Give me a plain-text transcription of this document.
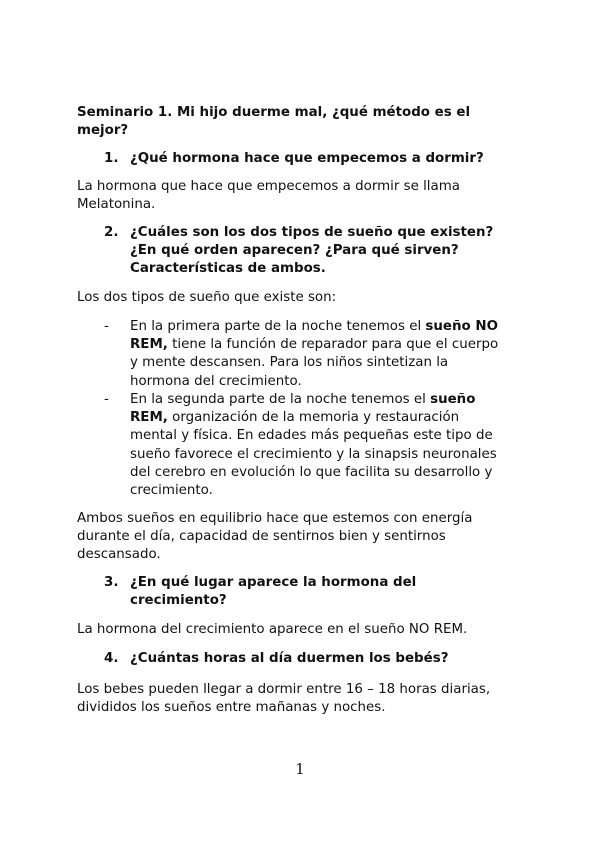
Seminario 1. Mi hijo duerme mal, ¿qué método es el
mejor?
1. ¿Qué hormona hace que empecemos a dormir?
La hormona que hace que empecemos a dormir se llama
Melatonina.
2. ¿Cuáles son los dos tipos de sueño que existen?
¿En qué orden aparecen? ¿Para qué sirven?
Características de ambos.
Los dos tipos de sueño que existe son:
- En la primera parte de la noche tenemos el sueño NO
REM, tiene la función de reparador para que el cuerpo
y mente descansen. Para los niños sintetizan la
hormona del crecimiento.
- En la segunda parte de la noche tenemos el sueño
REM, organización de la memoria y restauración
mental y física. En edades más pequeñas este tipo de
sueño favorece el crecimiento y la sinapsis neuronales
del cerebro en evolución lo que facilita su desarrollo y
crecimiento.
Ambos sueños en equilibrio hace que estemos con energía
durante el día, capacidad de sentirnos bien y sentirnos
descansado.
3. ¿En qué lugar aparece la hormona del
crecimiento?
La hormona del crecimiento aparece en el sueño NO REM.
4. ¿Cuántas horas al día duermen los bebés?
Los bebes pueden llegar a dormir entre 16 – 18 horas diarias,
divididos los sueños entre mañanas y noches.
1
